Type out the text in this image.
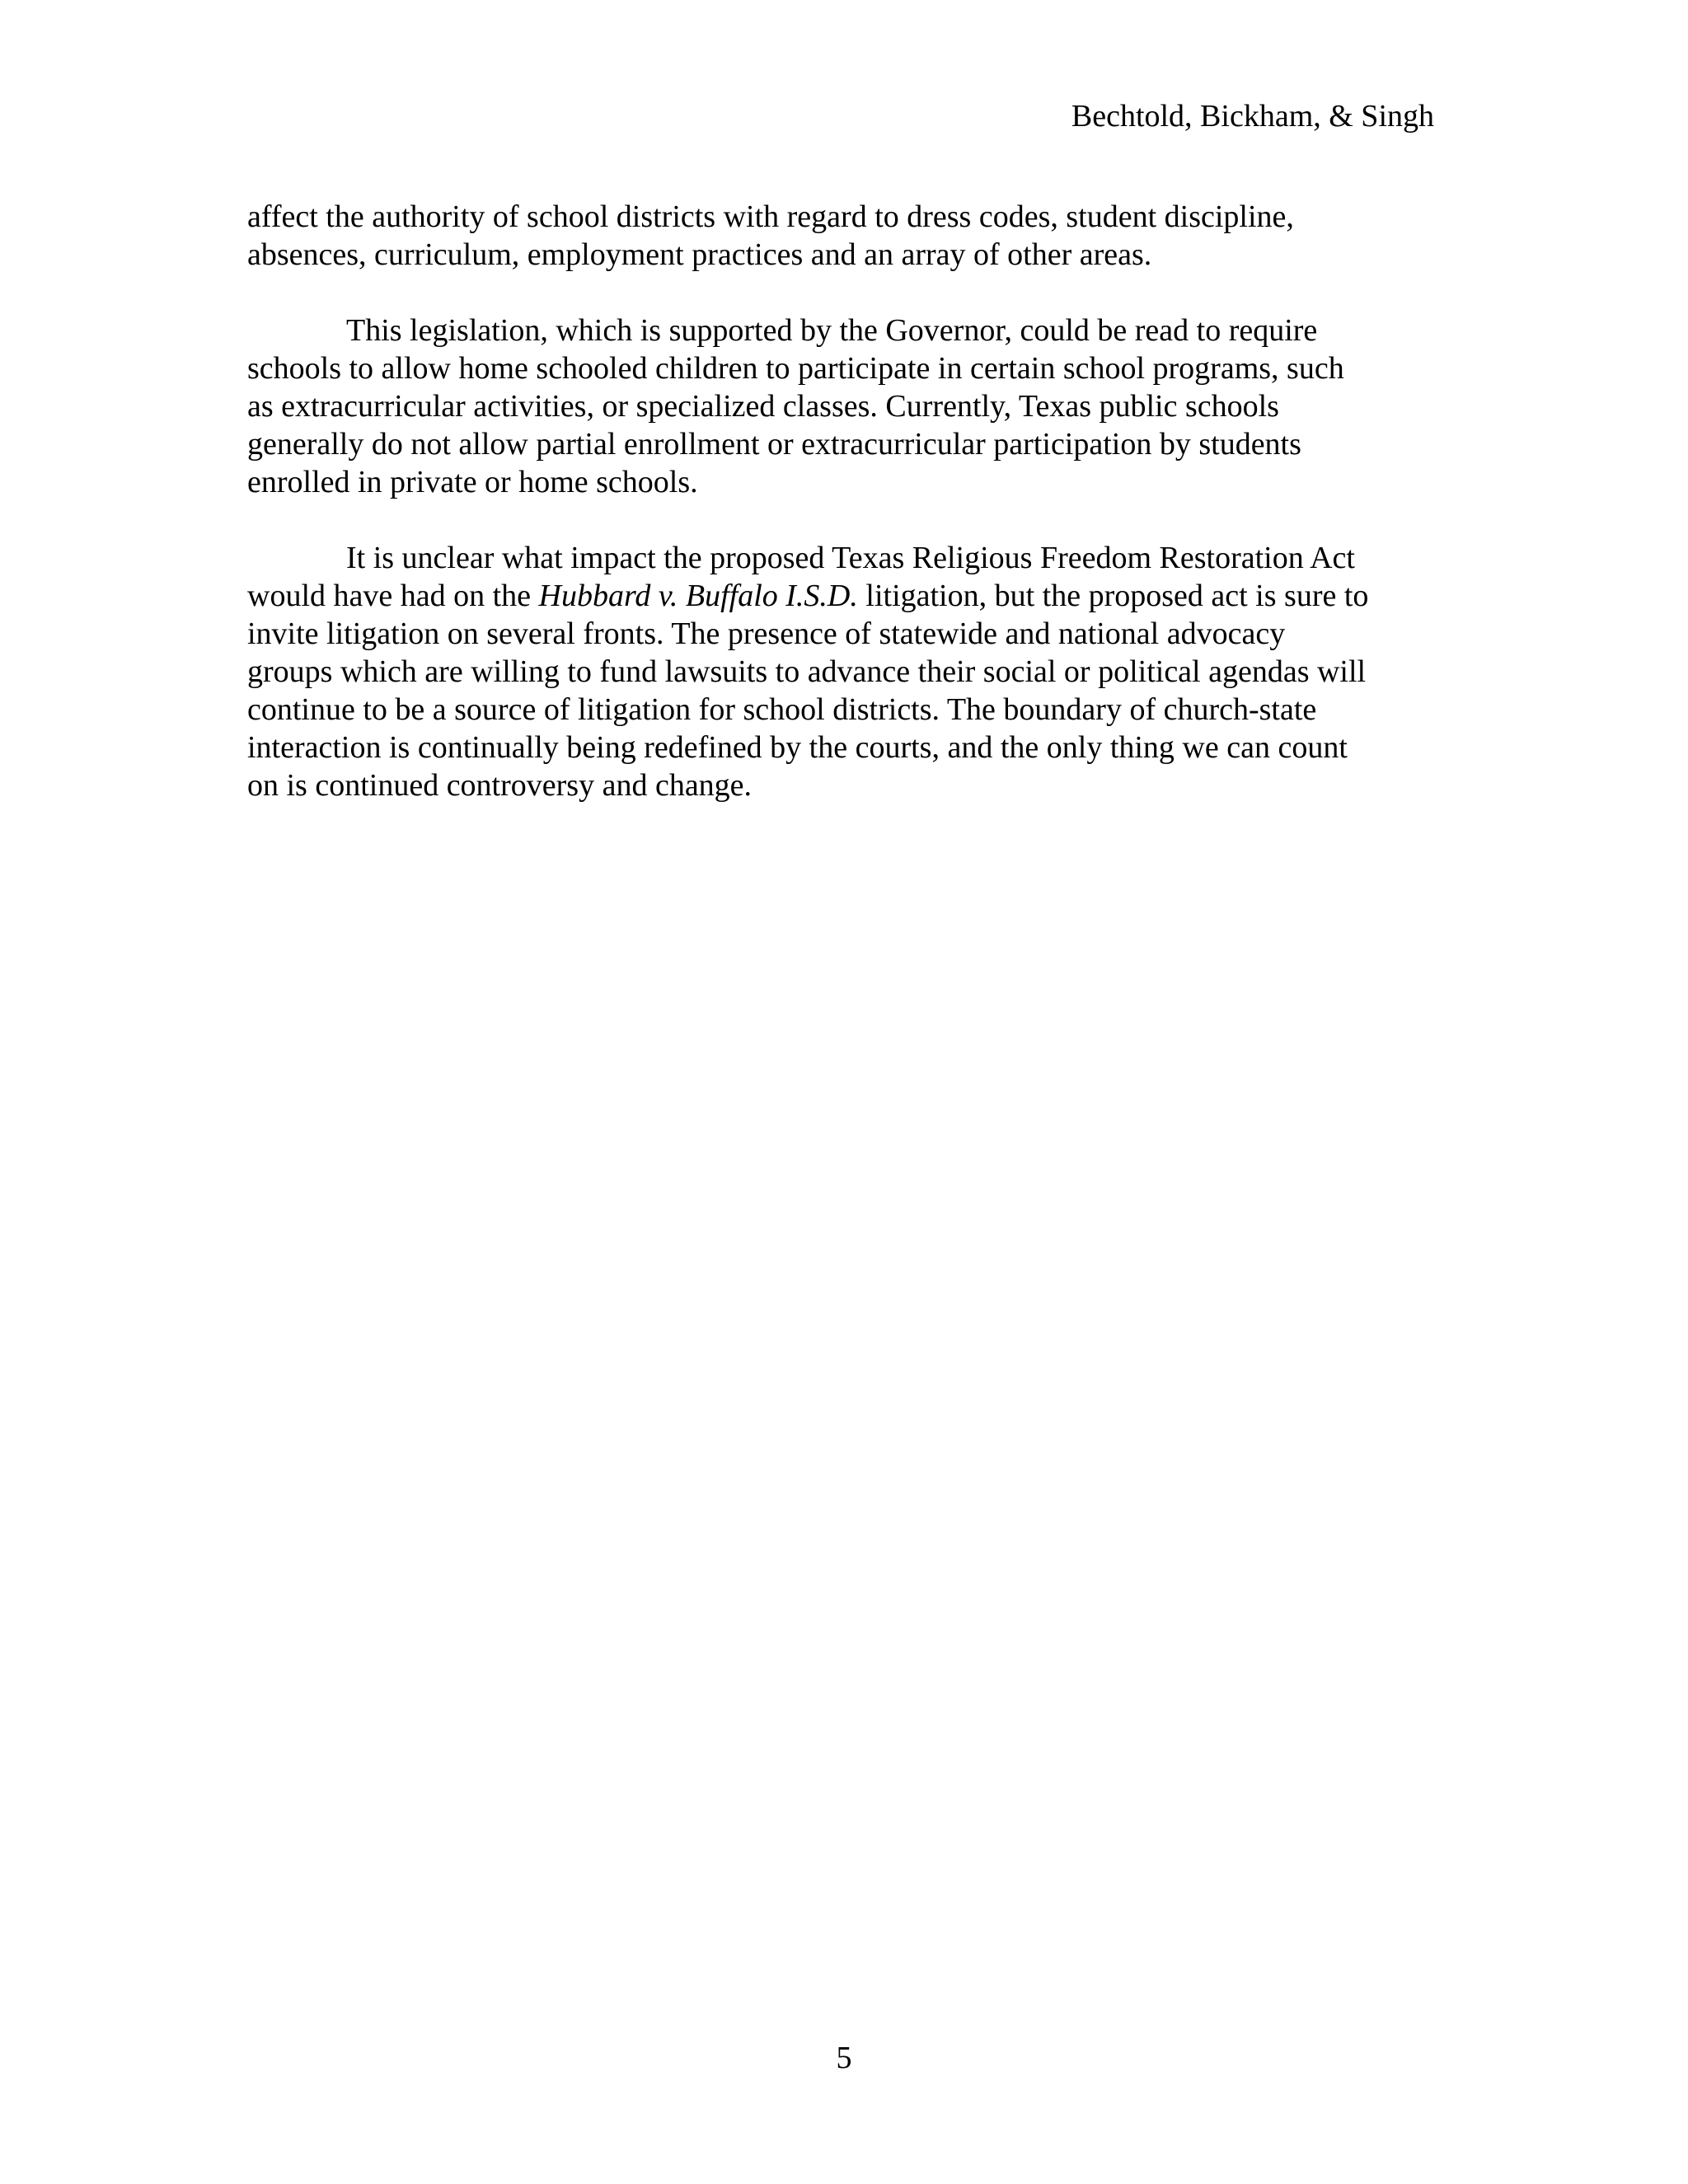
Bechtold, Bickham, & Singh

affect the authority of school districts with regard to dress codes, student discipline,
absences, curriculum, employment practices and an array of other areas.

This legislation, which is supported by the Governor, could be read to require
schools to allow home schooled children to participate in certain school programs, such
as extracurricular activities, or specialized classes. Currently, Texas public schools
generally do not allow partial enrollment or extracurricular participation by students
enrolled in private or home schools.

It is unclear what impact the proposed Texas Religious Freedom Restoration Act
would have had on the Hubbard v. Buffalo I.S.D. litigation, but the proposed act is sure to
invite litigation on several fronts. The presence of statewide and national advocacy
groups which are willing to fund lawsuits to advance their social or political agendas will
continue to be a source of litigation for school districts. The boundary of church-state
interaction is continually being redefined by the courts, and the only thing we can count
on is continued controversy and change.

5
